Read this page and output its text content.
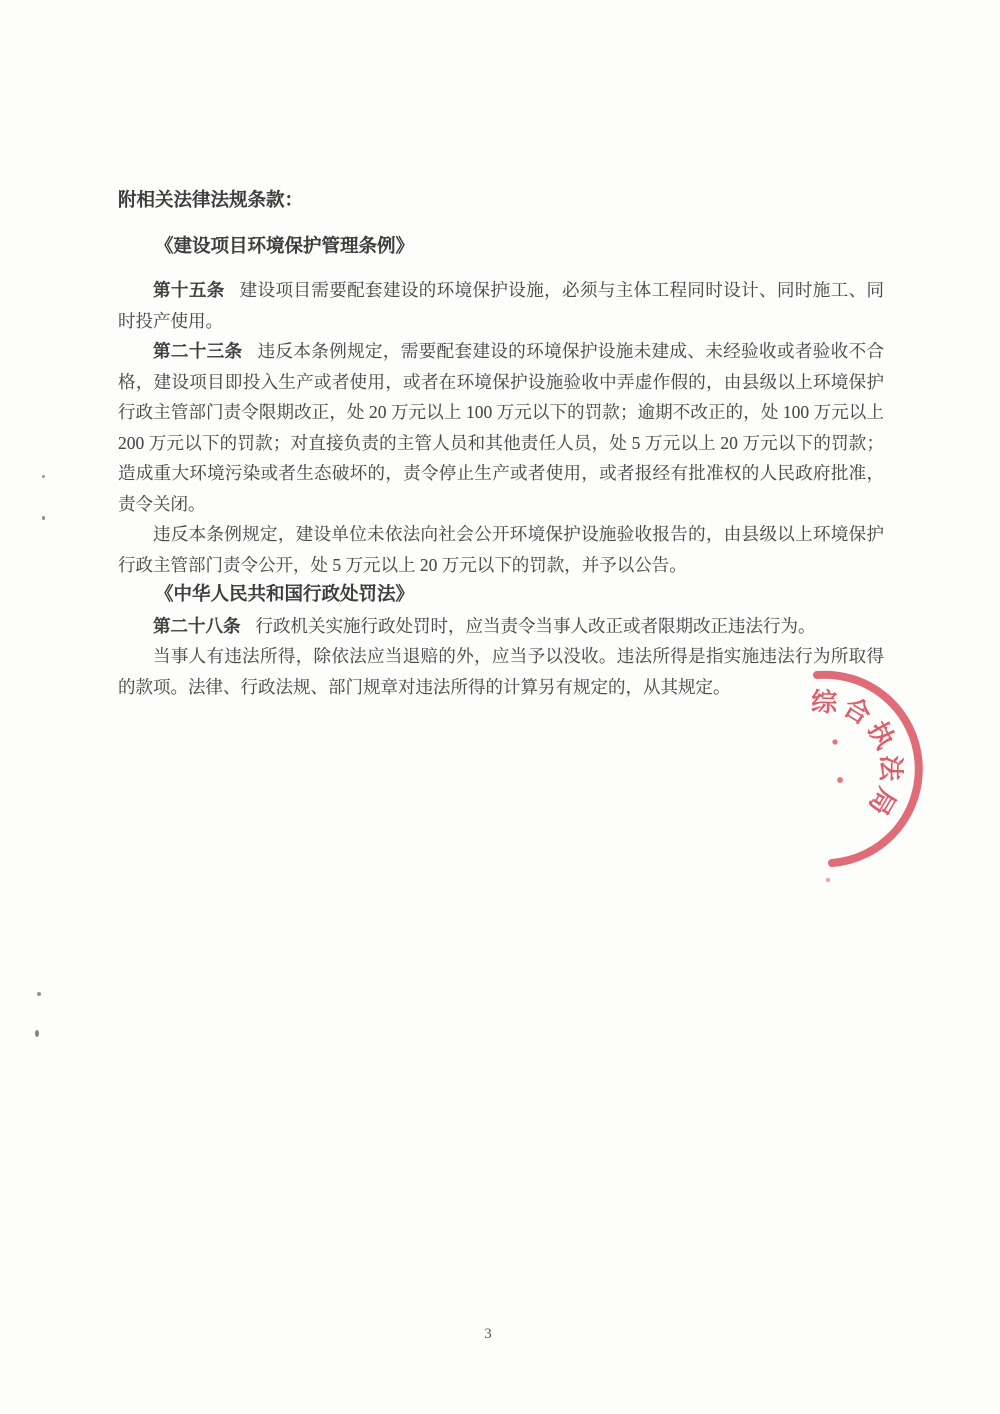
附相关法律法规条款：

《建设项目环境保护管理条例》

第十五条 建设项目需要配套建设的环境保护设施，必须与主体工程同时设计、同时施工、同时投产使用。

第二十三条 违反本条例规定，需要配套建设的环境保护设施未建成、未经验收或者验收不合格，建设项目即投入生产或者使用，或者在环境保护设施验收中弄虚作假的，由县级以上环境保护行政主管部门责令限期改正，处 20 万元以上 100 万元以下的罚款；逾期不改正的，处 100 万元以上 200 万元以下的罚款；对直接负责的主管人员和其他责任人员，处 5 万元以上 20 万元以下的罚款；造成重大环境污染或者生态破坏的，责令停止生产或者使用，或者报经有批准权的人民政府批准，责令关闭。

违反本条例规定，建设单位未依法向社会公开环境保护设施验收报告的，由县级以上环境保护行政主管部门责令公开，处 5 万元以上 20 万元以下的罚款，并予以公告。

《中华人民共和国行政处罚法》

第二十八条 行政机关实施行政处罚时，应当责令当事人改正或者限期改正违法行为。

当事人有违法所得，除依法应当退赔的外，应当予以没收。违法所得是指实施违法行为所取得的款项。法律、行政法规、部门规章对违法所得的计算另有规定的，从其规定。

综合执法局
3
